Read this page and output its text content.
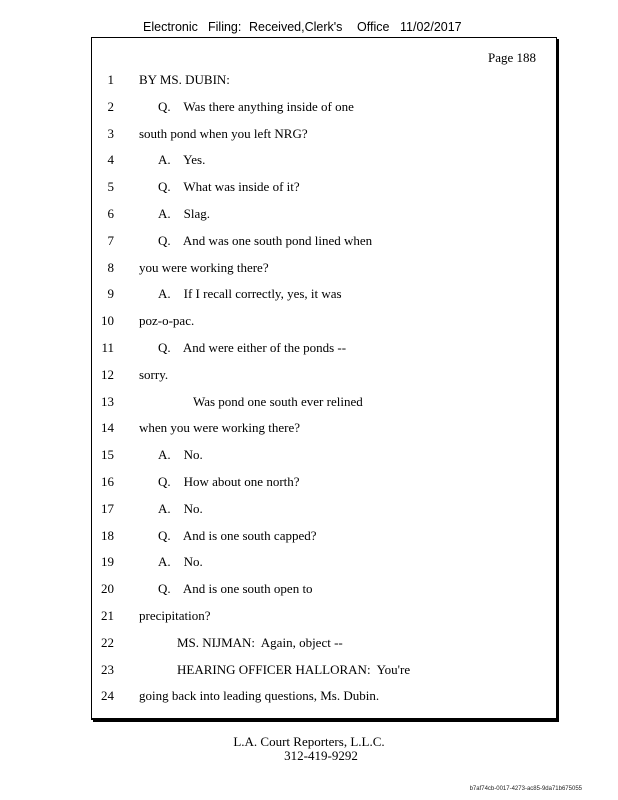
Electronic Filing: Received,Clerk's Office 11/02/2017
Page 188
1 BY MS. DUBIN:
2	Q.    Was there anything inside of one
3 south pond when you left NRG?
4	A.    Yes.
5	Q.    What was inside of it?
6	A.    Slag.
7	Q.    And was one south pond lined when
8 you were working there?
9	A.    If I recall correctly, yes, it was
10 poz-o-pac.
11	Q.    And were either of the ponds --
12 sorry.
13	Was pond one south ever relined
14 when you were working there?
15	A.    No.
16	Q.    How about one north?
17	A.    No.
18	Q.    And is one south capped?
19	A.    No.
20	Q.    And is one south open to
21 precipitation?
22	MS. NIJMAN:  Again, object --
23	HEARING OFFICER HALLORAN:  You're
24 going back into leading questions, Ms. Dubin.
L.A. Court Reporters, L.L.C.
312-419-9292
b7af74cb-0017-4273-ac85-9da71b675055
